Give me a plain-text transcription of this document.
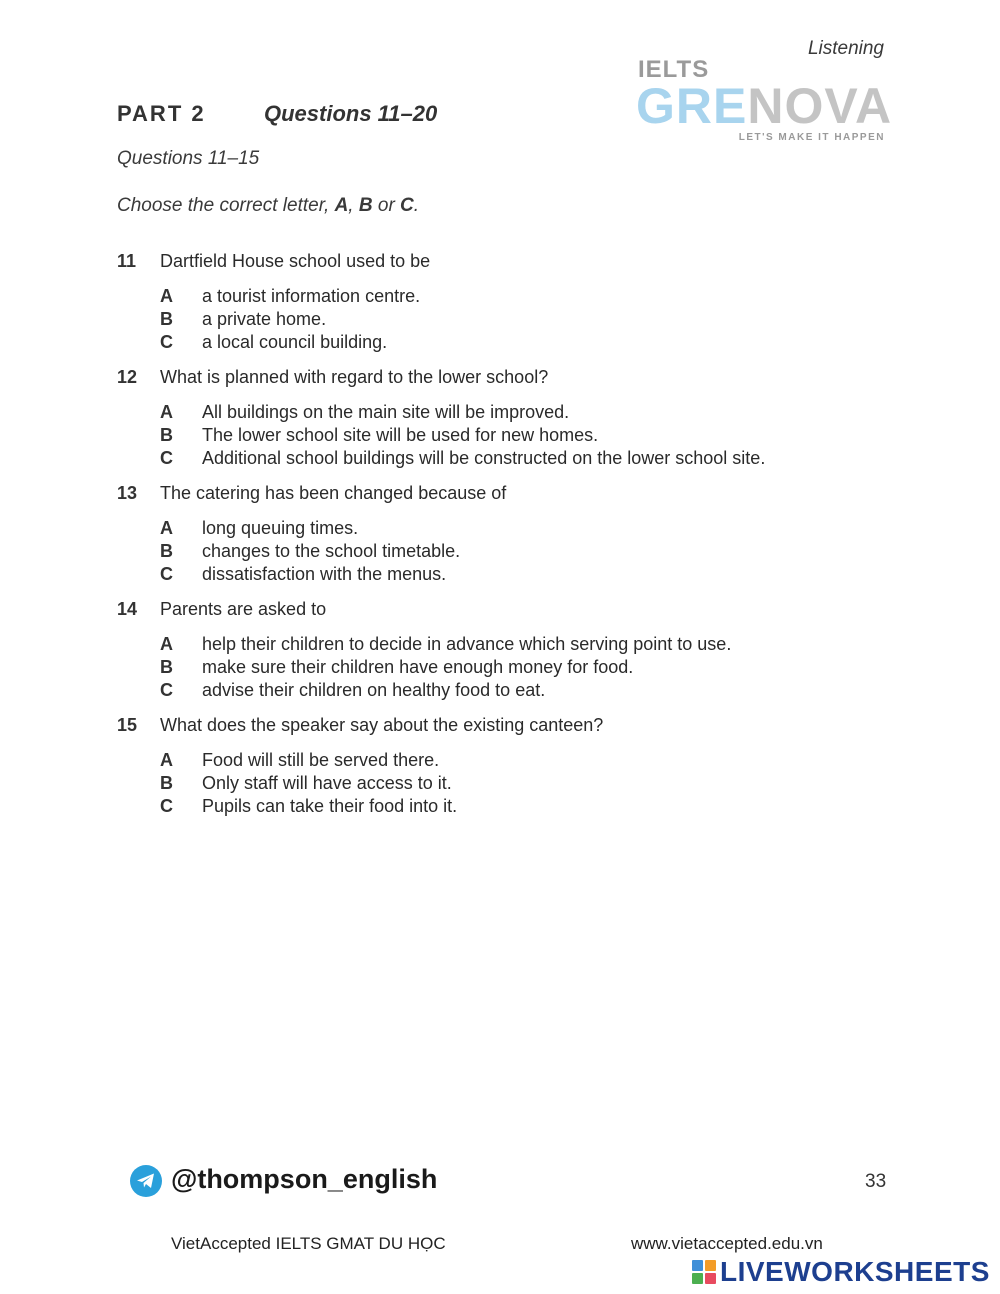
Listening
IELTS
GRENOVA
LET'S MAKE IT HAPPEN
PART 2	Questions 11–20
Questions 11–15
Choose the correct letter, A, B or C.
11	Dartfield House school used to be
A	a tourist information centre.
B	a private home.
C	a local council building.
12	What is planned with regard to the lower school?
A	All buildings on the main site will be improved.
B	The lower school site will be used for new homes.
C	Additional school buildings will be constructed on the lower school site.
13	The catering has been changed because of
A	long queuing times.
B	changes to the school timetable.
C	dissatisfaction with the menus.
14	Parents are asked to
A	help their children to decide in advance which serving point to use.
B	make sure their children have enough money for food.
C	advise their children on healthy food to eat.
15	What does the speaker say about the existing canteen?
A	Food will still be served there.
B	Only staff will have access to it.
C	Pupils can take their food into it.
@thompson_english	33
VietAccepted IELTS GMAT DU HỌC	www.vietaccepted.edu.vn
LIVEWORKSHEETS
